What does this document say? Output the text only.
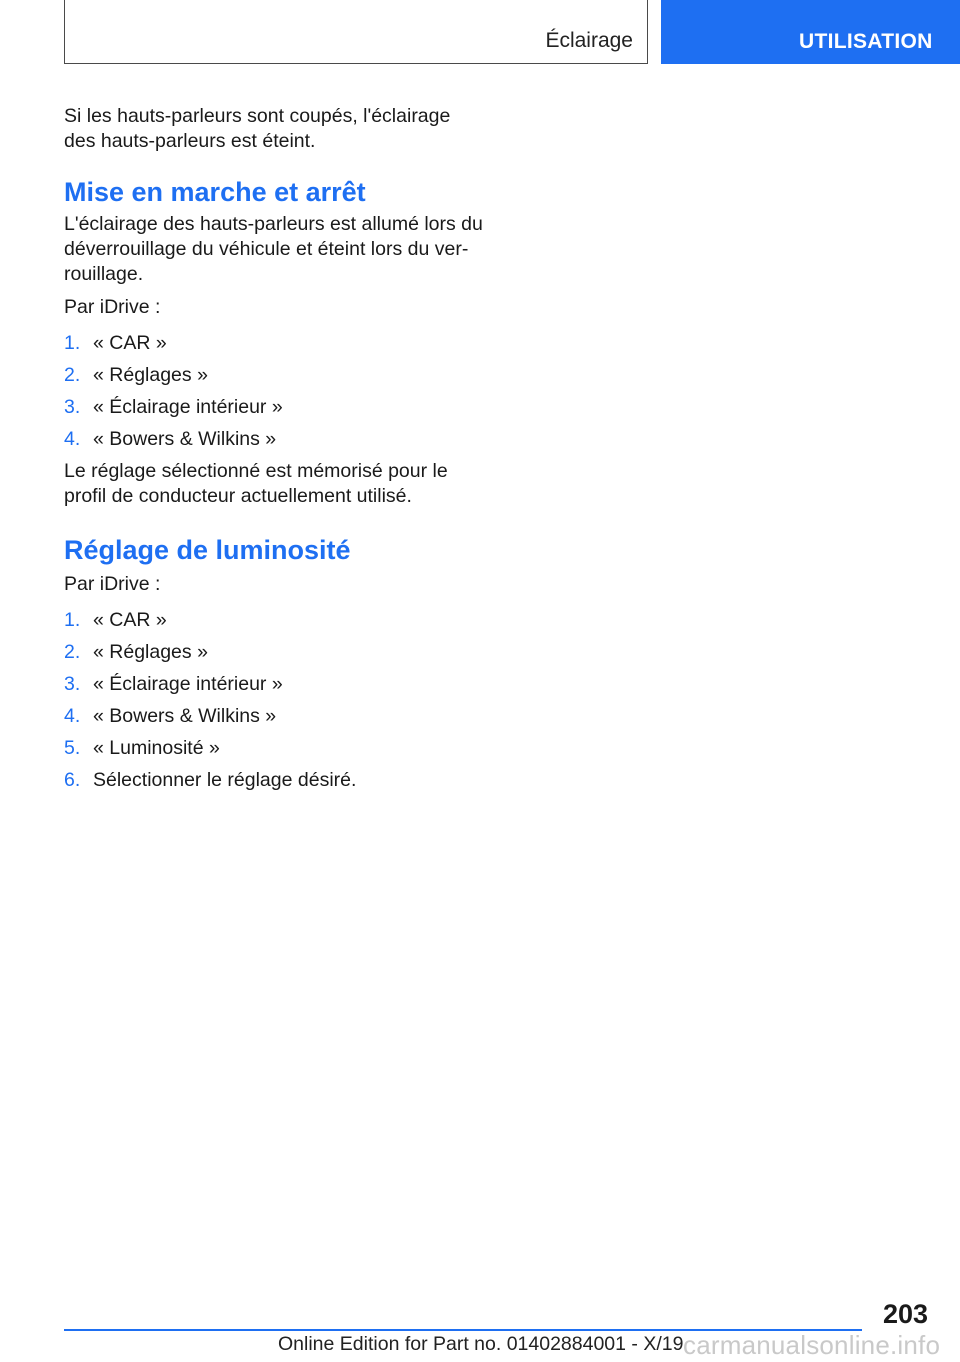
Éclairage	UTILISATION

Si les hauts-parleurs sont coupés, l'éclairage des hauts-parleurs est éteint.

Mise en marche et arrêt

L'éclairage des hauts-parleurs est allumé lors du déverrouillage du véhicule et éteint lors du verrouillage.

Par iDrive :

1. « CAR »
2. « Réglages »
3. « Éclairage intérieur »
4. « Bowers & Wilkins »

Le réglage sélectionné est mémorisé pour le profil de conducteur actuellement utilisé.

Réglage de luminosité

Par iDrive :

1. « CAR »
2. « Réglages »
3. « Éclairage intérieur »
4. « Bowers & Wilkins »
5. « Luminosité »
6. Sélectionner le réglage désiré.
203
Online Edition for Part no. 01402884001 - X/19 carmanualsonline.info
